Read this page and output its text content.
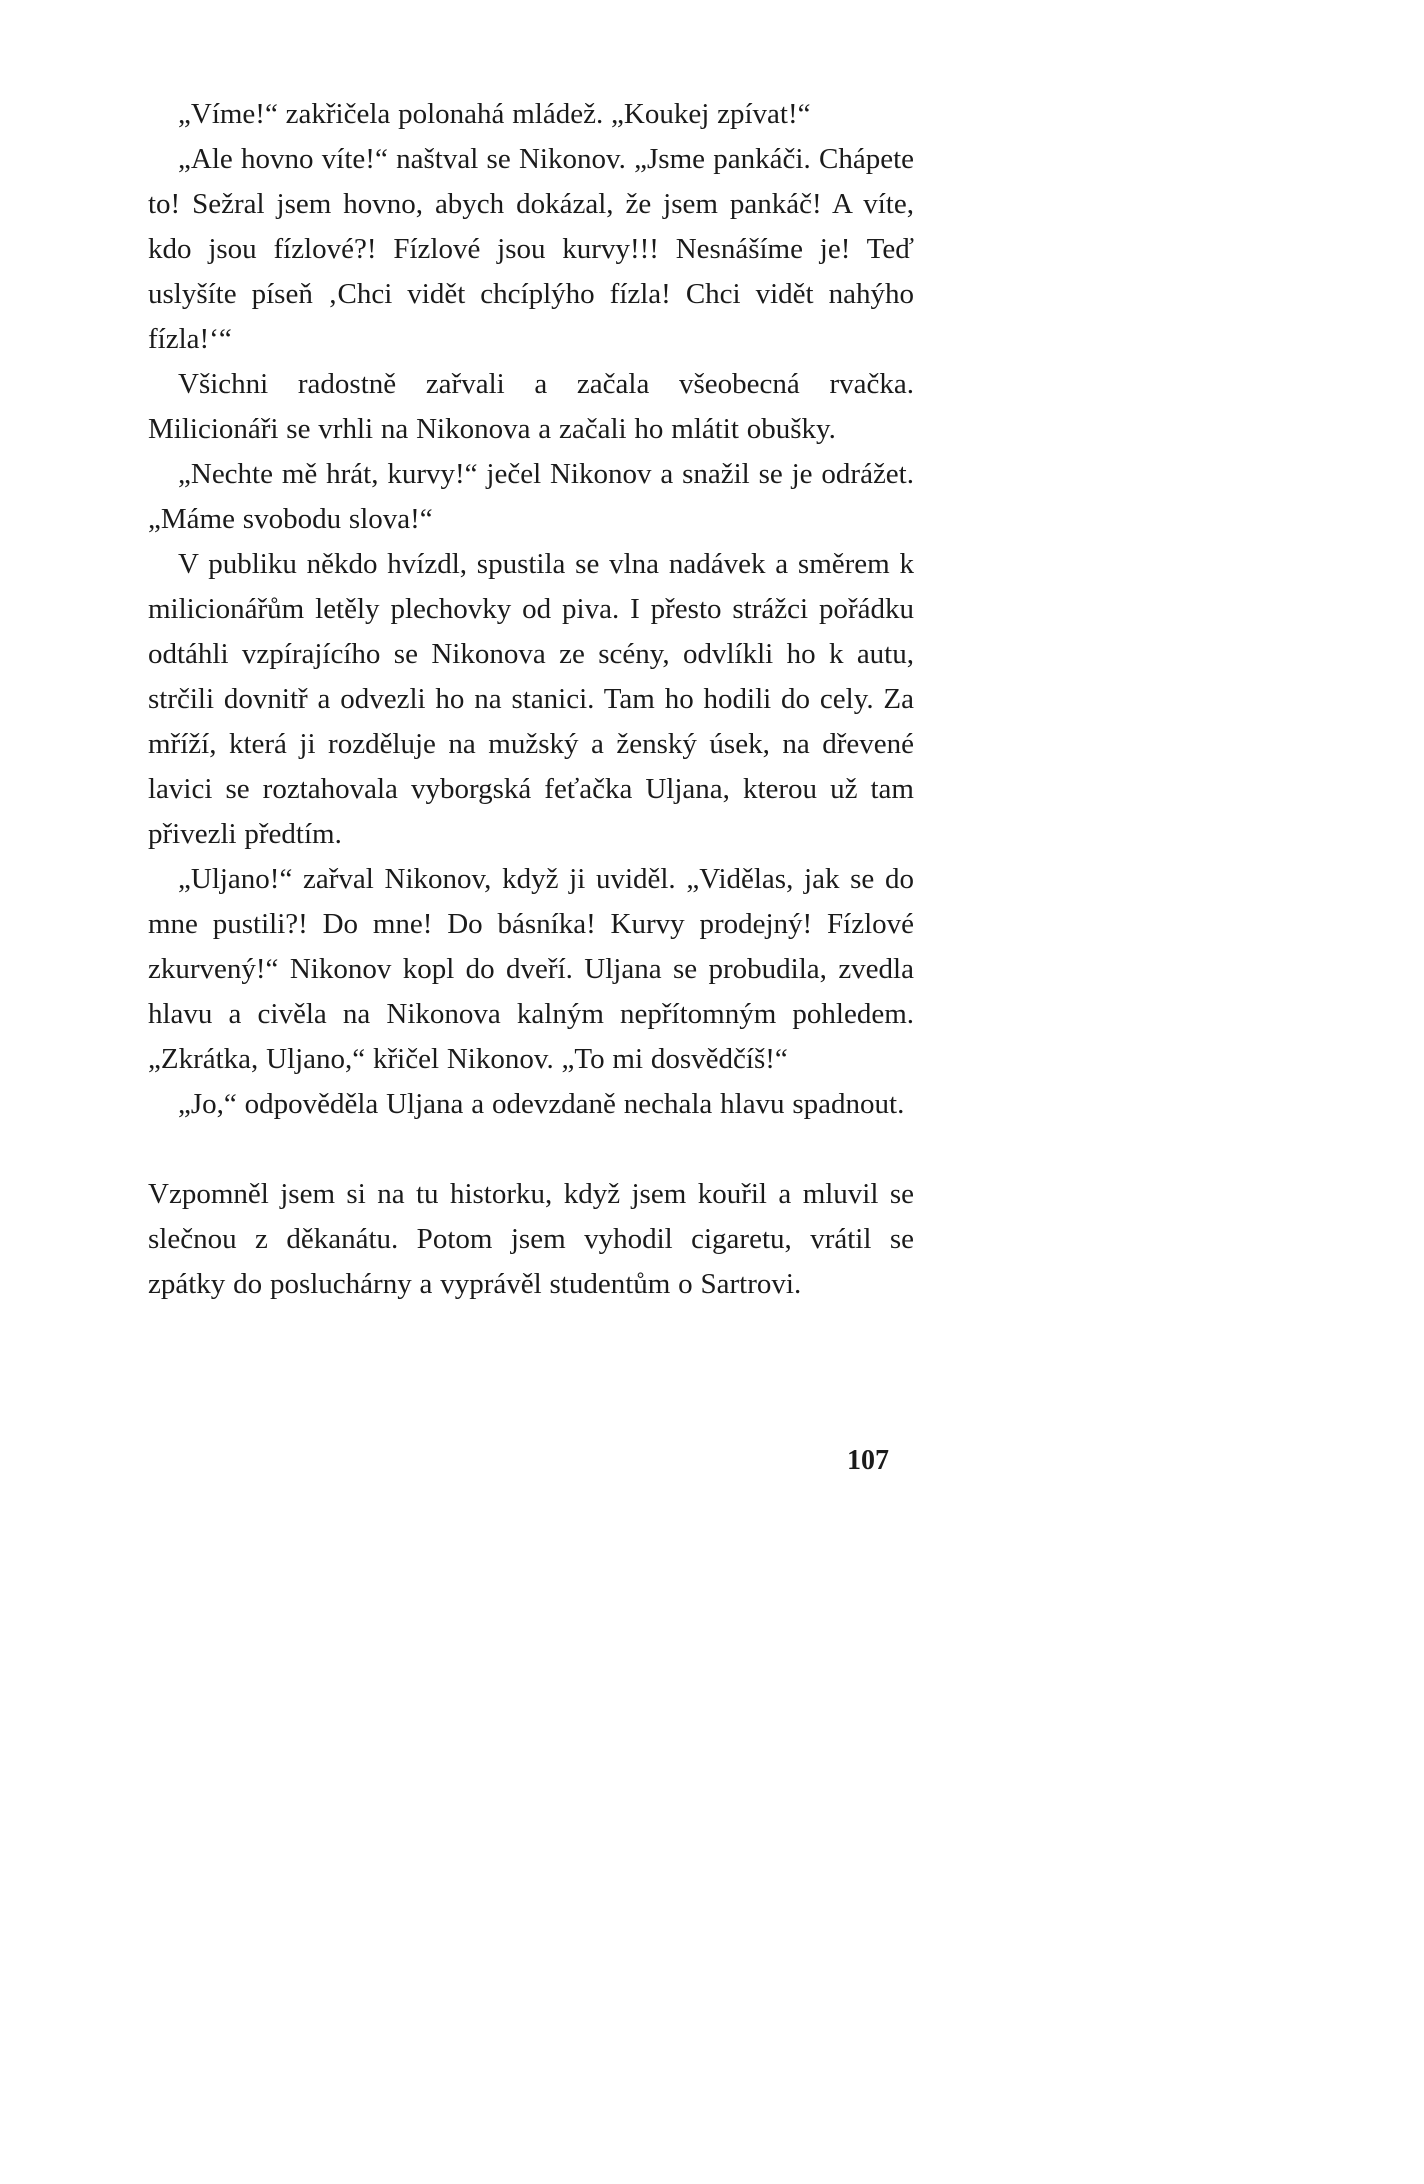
„Víme!“ zakřičela polonahá mládež. „Koukej zpívat!“

„Ale hovno víte!“ naštval se Nikonov. „Jsme pankáči. Chápete to! Sežral jsem hovno, abych dokázal, že jsem pankáč! A víte, kdo jsou fízlové?! Fízlové jsou kurvy!!! Nesnášíme je! Teď uslyšíte píseň ‚Chci vidět chcíplýho fízla! Chci vidět nahýho fízla!‘“

Všichni radostně zařvali a začala všeobecná rvačka. Milicionáři se vrhli na Nikonova a začali ho mlátit obušky.

„Nechte mě hrát, kurvy!“ ječel Nikonov a snažil se je odrážet. „Máme svobodu slova!“

V publiku někdo hvízdl, spustila se vlna nadávek a směrem k milicionářům letěly plechovky od piva. I přesto strážci pořádku odtáhli vzpírajícího se Nikonova ze scény, odvlíkli ho k autu, strčili dovnitř a odvezli ho na stanici. Tam ho hodili do cely. Za mříží, která ji rozděluje na mužský a ženský úsek, na dřevené lavici se roztahovala vyborgská feťačka Uljana, kterou už tam přivezli předtím.

„Uljano!“ zařval Nikonov, když ji uviděl. „Vidělas, jak se do mne pustili?! Do mne! Do básníka! Kurvy prodejný! Fízlové zkurvený!“ Nikonov kopl do dveří. Uljana se probudila, zvedla hlavu a civěla na Nikonova kalným nepřítomným pohledem. „Zkrátka, Uljano,“ křičel Nikonov. „To mi dosvědčíš!“

„Jo,“ odpověděla Uljana a odevzdaně nechala hlavu spadnout.

Vzpomněl jsem si na tu historku, když jsem kouřil a mluvil se slečnou z děkanátu. Potom jsem vyhodil cigaretu, vrátil se zpátky do posluchárny a vyprávěl studentům o Sartrovi.

107
